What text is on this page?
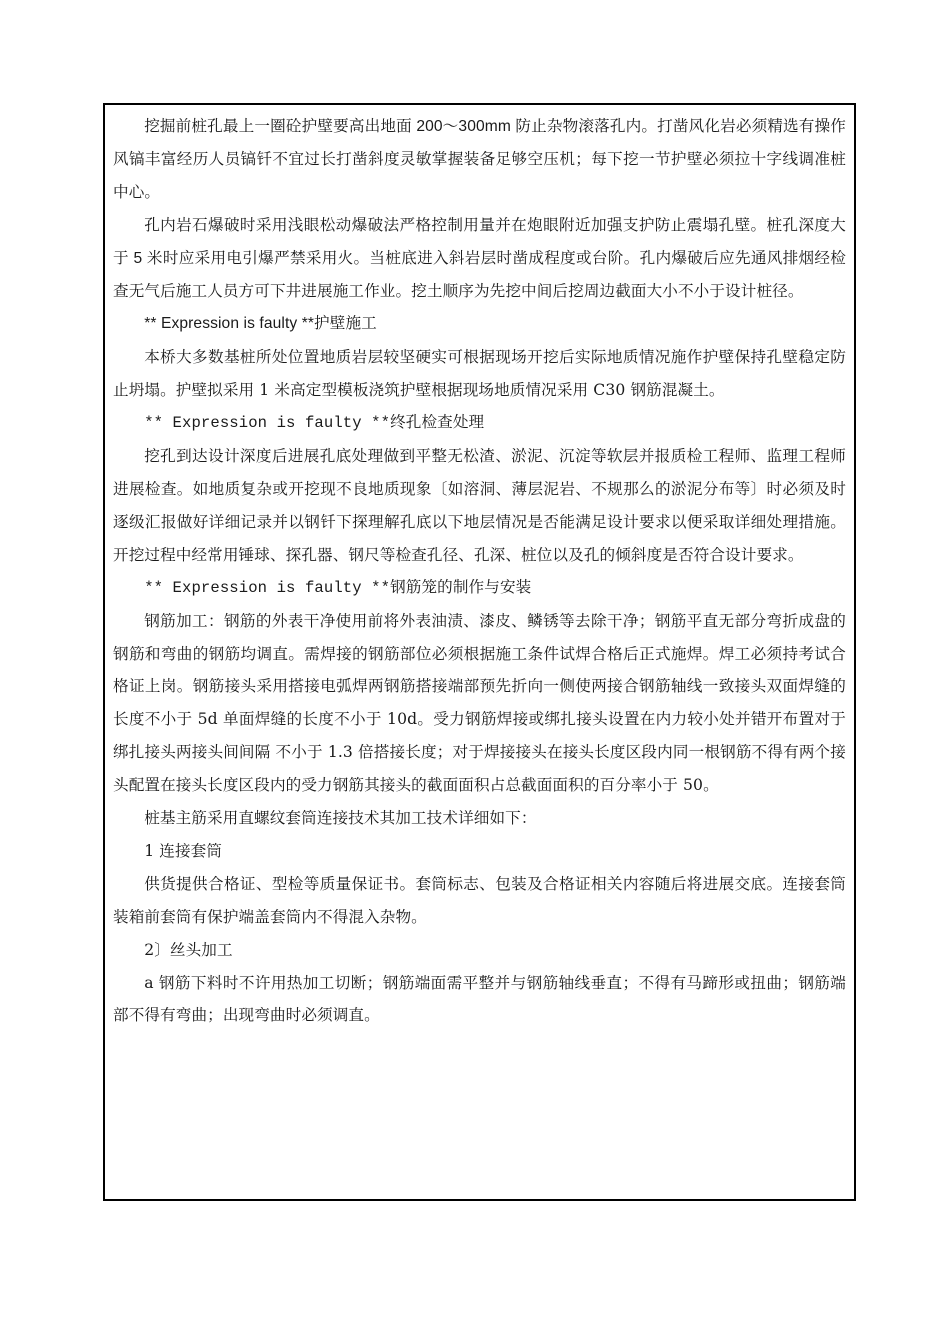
挖掘前桩孔最上一圈砼护壁要高出地面 200～300mm 防止杂物滚落孔内。打凿风化岩必须精选有操作风镐丰富经历人员镐钎不宜过长打凿斜度灵敏掌握装备足够空压机；每下挖一节护壁必须拉十字线调准桩中心。

孔内岩石爆破时采用浅眼松动爆破法严格控制用量并在炮眼附近加强支护防止震塌孔壁。桩孔深度大于 5 米时应采用电引爆严禁采用火。当桩底进入斜岩层时凿成程度或台阶。孔内爆破后应先通风排烟经检查无气后施工人员方可下井进展施工作业。挖土顺序为先挖中间后挖周边截面大小不小于设计桩径。

** Expression is faulty **护壁施工

本桥大多数基桩所处位置地质岩层较坚硬实可根据现场开挖后实际地质情况施作护壁保持孔壁稳定防止坍塌。护壁拟采用 1 米高定型模板浇筑护壁根据现场地质情况采用 C30 钢筋混凝土。

** Expression is faulty **终孔检查处理

挖孔到达设计深度后进展孔底处理做到平整无松渣、淤泥、沉淀等软层并报质检工程师、监理工程师进展检查。如地质复杂或开挖现不良地质现象〔如溶洞、薄层泥岩、不规那么的淤泥分布等〕时必须及时逐级汇报做好详细记录并以钢钎下探理解孔底以下地层情况是否能满足设计要求以便采取详细处理措施。开挖过程中经常用锤球、探孔器、钢尺等检查孔径、孔深、桩位以及孔的倾斜度是否符合设计要求。

** Expression is faulty **钢筋笼的制作与安装

钢筋加工：钢筋的外表干净使用前将外表油渍、漆皮、鳞锈等去除干净；钢筋平直无部分弯折成盘的钢筋和弯曲的钢筋均调直。需焊接的钢筋部位必须根据施工条件试焊合格后正式施焊。焊工必须持考试合格证上岗。钢筋接头采用搭接电弧焊两钢筋搭接端部预先折向一侧使两接合钢筋轴线一致接头双面焊缝的长度不小于 5d 单面焊缝的长度不小于 10d。受力钢筋焊接或绑扎接头设置在内力较小处并错开布置对于绑扎接头两接头间间隔 不小于 1.3 倍搭接长度；对于焊接接头在接头长度区段内同一根钢筋不得有两个接头配置在接头长度区段内的受力钢筋其接头的截面面积占总截面面积的百分率小于 50。

桩基主筋采用直螺纹套筒连接技术其加工技术详细如下：

1 连接套筒

供货提供合格证、型检等质量保证书。套筒标志、包装及合格证相关内容随后将进展交底。连接套筒装箱前套筒有保护端盖套筒内不得混入杂物。

2〕丝头加工

a 钢筋下料时不许用热加工切断；钢筋端面需平整并与钢筋轴线垂直；不得有马蹄形或扭曲；钢筋端部不得有弯曲；出现弯曲时必须调直。
